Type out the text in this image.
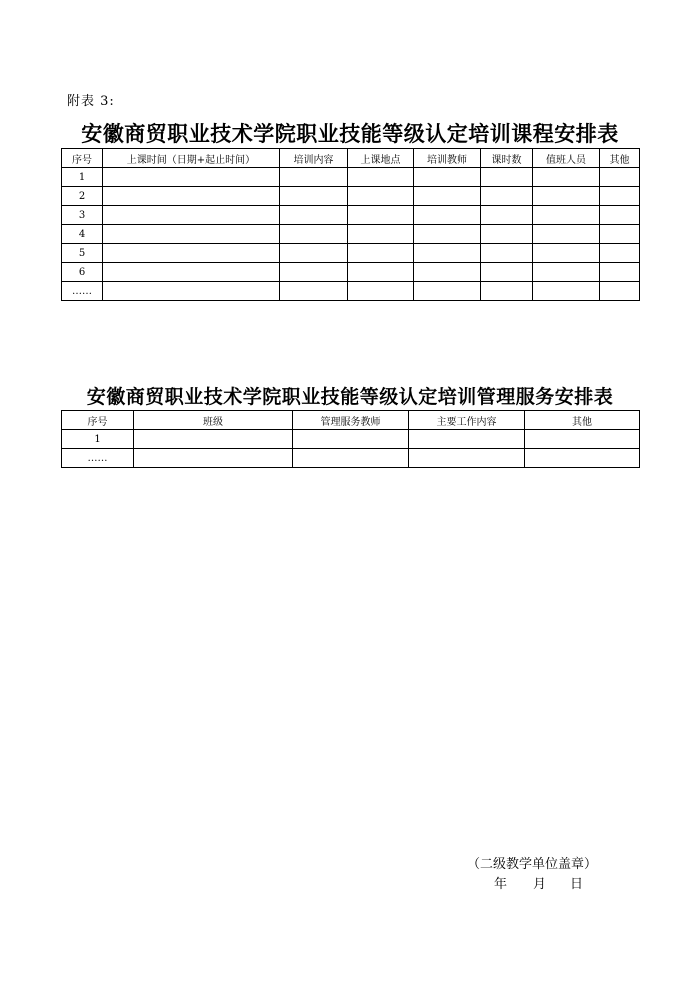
附表 3:
安徽商贸职业技术学院职业技能等级认定培训课程安排表
序号	上课时间（日期+起止时间）	培训内容	上课地点	培训教师	课时数	值班人员	其他
1							
2							
3							
4							
5							
6							
……							
安徽商贸职业技术学院职业技能等级认定培训管理服务安排表
序号	班级	管理服务教师	主要工作内容	其他
1				
……				
（二级教学单位盖章）
年 月 日
